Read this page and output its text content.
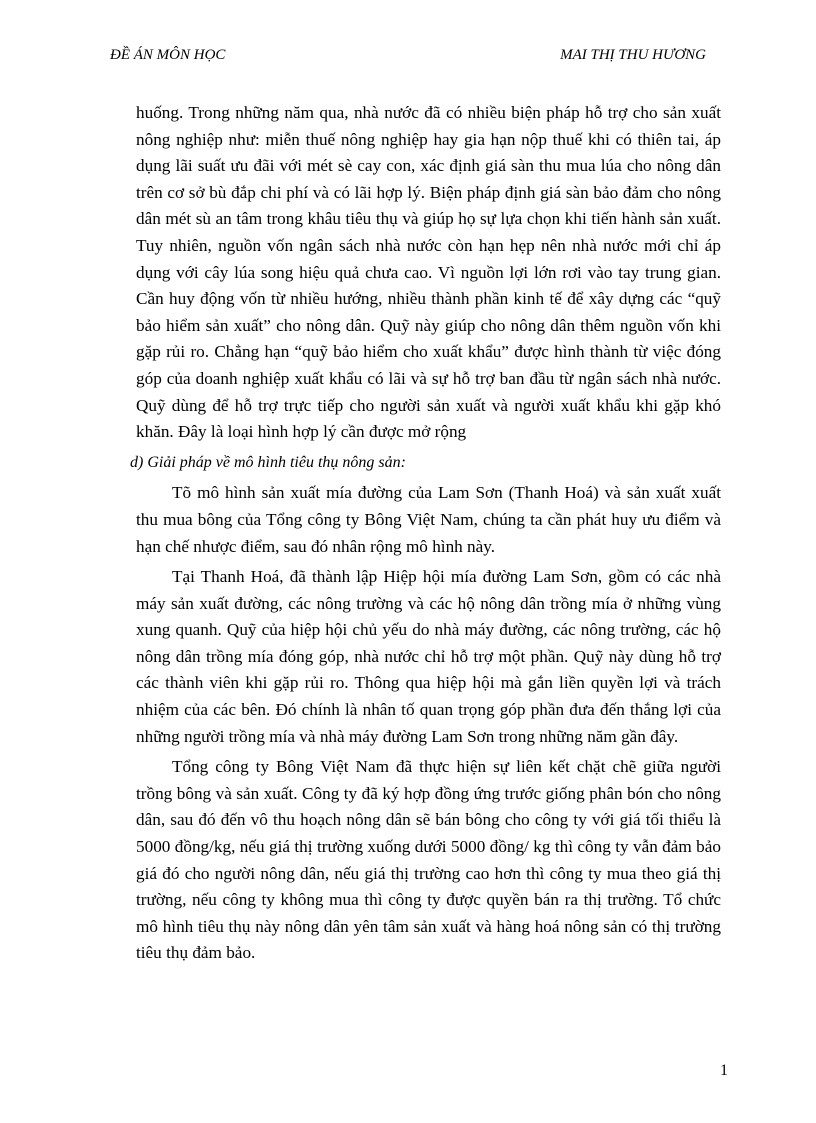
ĐỀ ÁN MÔN HỌC	MAI THỊ THU HƯƠNG

huống. Trong những năm qua, nhà nước đã có nhiều biện pháp hỗ trợ cho sản xuất nông nghiệp như: miễn thuế nông nghiệp hay gia hạn nộp thuế khi có thiên tai, áp dụng lãi suất ưu đãi với mét sè cay con, xác định giá sàn thu mua lúa cho nông dân trên cơ sở bù đắp chi phí và có lãi hợp lý. Biện pháp định giá sàn bảo đảm cho nông dân mét sù an tâm trong khâu tiêu thụ và giúp họ sự lựa chọn khi tiến hành sản xuất. Tuy nhiên, nguồn vốn ngân sách nhà nước còn hạn hẹp nên nhà nước mới chỉ áp dụng với cây lúa song hiệu quả chưa cao. Vì nguồn lợi lớn rơi vào tay trung gian. Cần huy động vốn từ nhiều hướng, nhiều thành phần kinh tế để xây dựng các “quỹ bảo hiểm sản xuất” cho nông dân. Quỹ này giúp cho nông dân thêm nguồn vốn khi gặp rủi ro. Chẳng hạn “quỹ bảo hiểm cho xuất khẩu” được hình thành từ việc đóng góp của doanh nghiệp xuất khẩu có lãi và sự hỗ trợ ban đầu từ ngân sách nhà nước. Quỹ dùng để hỗ trợ trực tiếp cho người sản xuất và người xuất khẩu khi gặp khó khăn. Đây là loại hình hợp lý cần được mở rộng

d) Giải pháp về mô hình tiêu thụ nông sản:

Tõ mô hình sản xuất mía đường của Lam Sơn (Thanh Hoá) và sản xuất xuất thu mua bông của Tổng công ty Bông Việt Nam, chúng ta cần phát huy ưu điểm và hạn chế nhược điểm, sau đó nhân rộng mô hình này.

Tại Thanh Hoá, đã thành lập Hiệp hội mía đường Lam Sơn, gồm có các nhà máy sản xuất đường, các nông trường và các hộ nông dân trồng mía ở những vùng xung quanh. Quỹ của hiệp hội chủ yếu do nhà máy đường, các nông trường, các hộ nông dân trồng mía đóng góp, nhà nước chỉ hỗ trợ một phần. Quỹ này dùng hỗ trợ các thành viên khi gặp rủi ro. Thông qua hiệp hội mà gắn liền quyền lợi và trách nhiệm của các bên. Đó chính là nhân tố quan trọng góp phần đưa đến thắng lợi của những người trồng mía và nhà máy đường Lam Sơn trong những năm gần đây.

Tổng công ty Bông Việt Nam đã thực hiện sự liên kết chặt chẽ giữa người trồng bông và sản xuất. Công ty đã ký hợp đồng ứng trước giống phân bón cho nông dân, sau đó đến vô thu hoạch nông dân sẽ bán bông cho công ty với giá tối thiểu là 5000 đồng/kg, nếu giá thị trường xuống dưới 5000 đồng/ kg thì công ty vẫn đảm bảo giá đó cho người nông dân, nếu giá thị trường cao hơn thì công ty mua theo giá thị trường, nếu công ty không mua thì công ty được quyền bán ra thị trường. Tổ chức mô hình tiêu thụ này nông dân yên tâm sản xuất và hàng hoá nông sản có thị trường tiêu thụ đảm bảo.

1
